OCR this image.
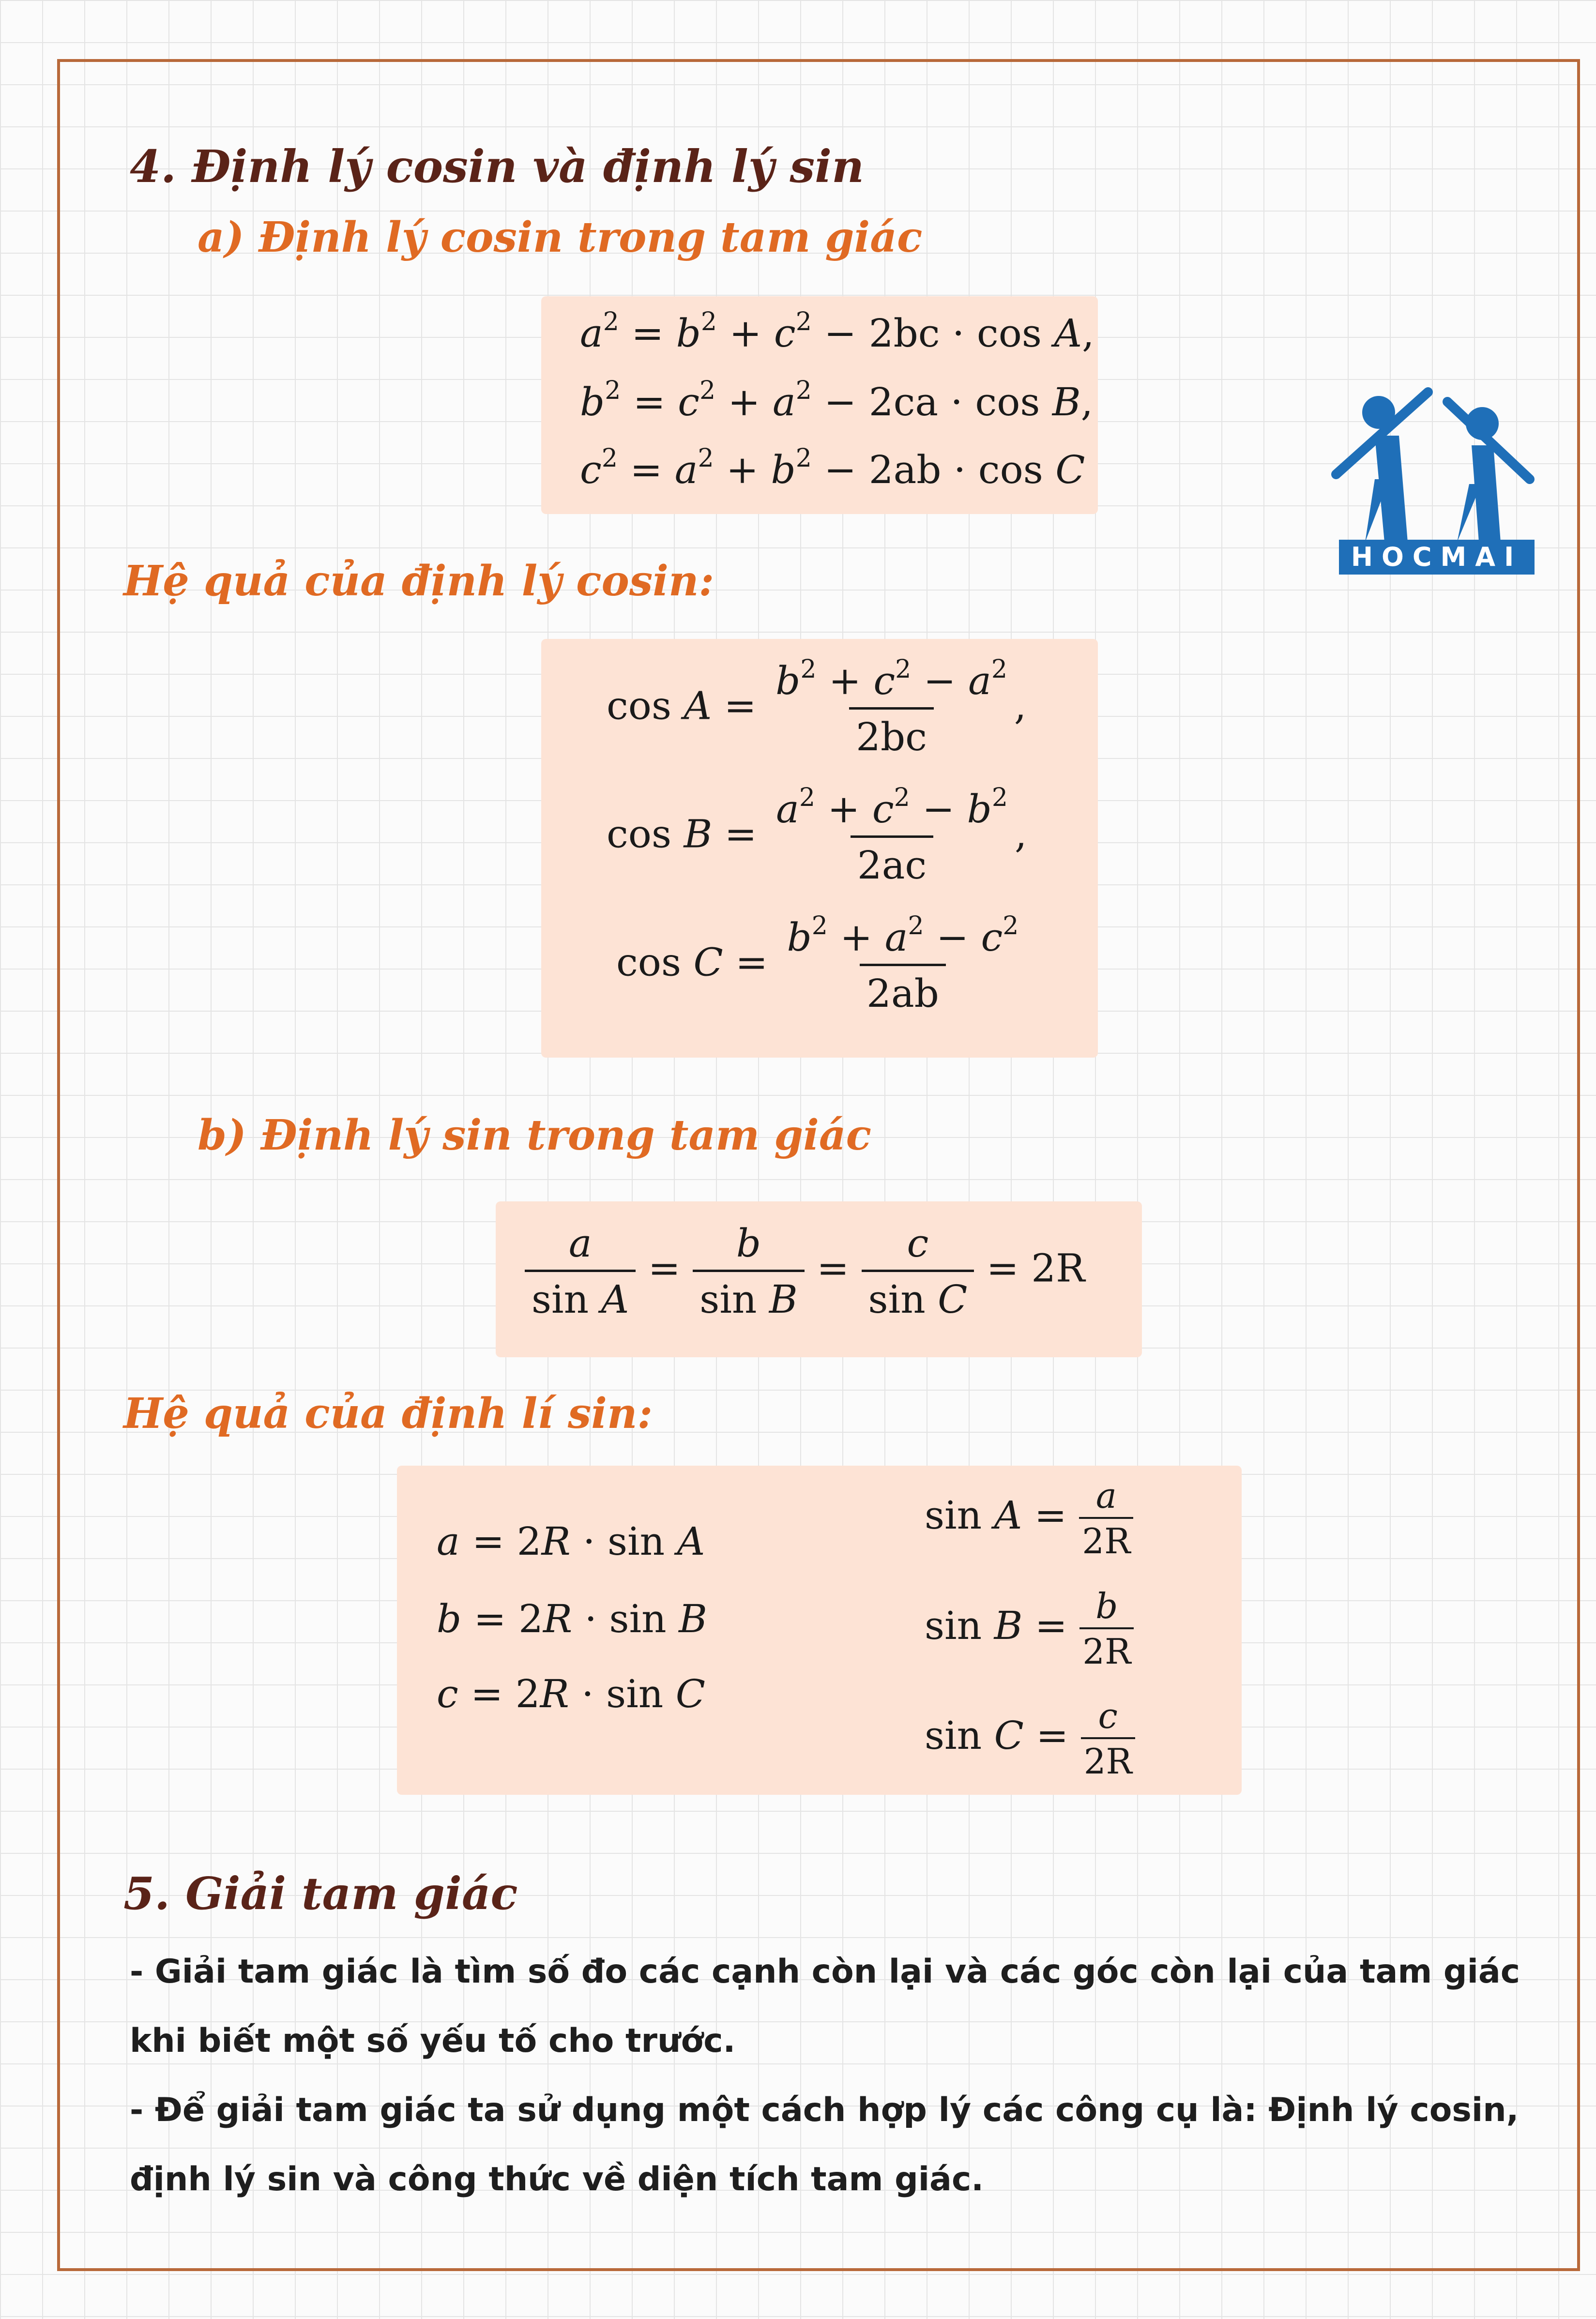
HOCMAI
4. Định lý cosin và định lý sin
a) Định lý cosin trong tam giác
$a^2 = b^2 + c^2 - 2bc \cdot \cos A$,
$b^2 = c^2 + a^2 - 2ca \cdot \cos B$,
$c^2 = a^2 + b^2 - 2ab \cdot \cos C$
Hệ quả của định lý cosin:
$\cos A = \frac{b^2 + c^2 - a^2}{2bc}$ ,
$\cos B = \frac{a^2 + c^2 - b^2}{2ac}$ ,
$\cos C = \frac{b^2 + a^2 - c^2}{2ab}$
b) Định lý sin trong tam giác
$\frac{a}{\text{sin A}} = \frac{b}{\text{sin B}} = \frac{c}{\text{sin C}} = 2R$
Hệ quả của định lí sin:
a = 2R · sin A
b = 2R · sin B
c = 2R · sin C
$\sin A = \frac{a}{2R}$
$\sin B = \frac{b}{2R}$
$\sin C = \frac{c}{2R}$
5. Giải tam giác
- Giải tam giác là tìm số đo các cạnh còn lại và các góc còn lại của tam giác khi biết một số yếu tố cho trước.
- Để giải tam giác ta sử dụng một cách hợp lý các công cụ là: Định lý cosin, định lý sin và công thức về diện tích tam giác.
